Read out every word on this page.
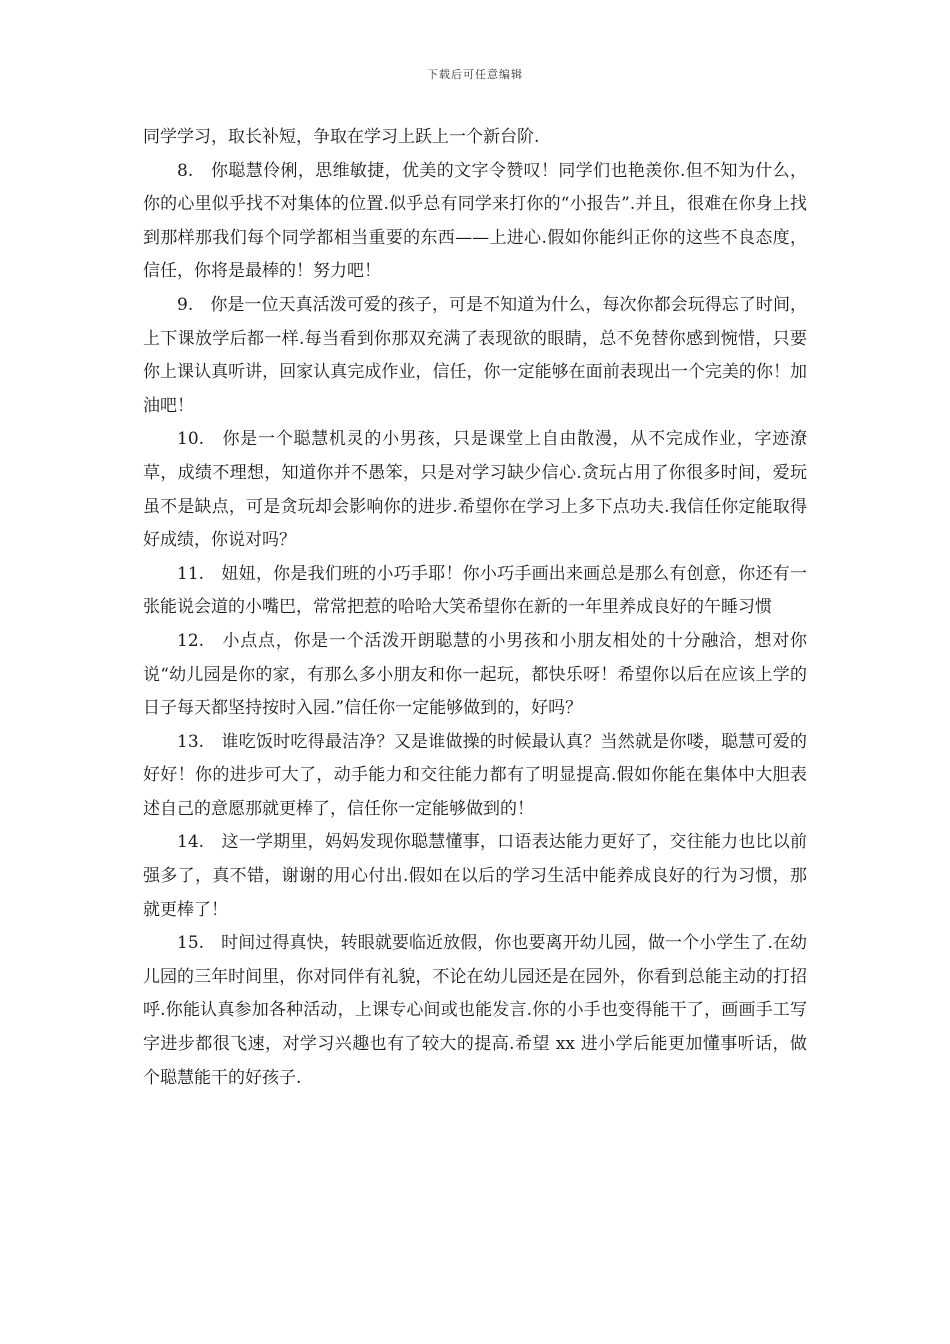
下载后可任意编辑

同学学习，取长补短，争取在学习上跃上一个新台阶.

8.　你聪慧伶俐，思维敏捷，优美的文字令赞叹！同学们也艳羡你.但不知为什么，你的心里似乎找不对集体的位置.似乎总有同学来打你的“小报告”.并且，很难在你身上找到那样那我们每个同学都相当重要的东西——上进心.假如你能纠正你的这些不良态度，信任，你将是最棒的！努力吧！

9.　你是一位天真活泼可爱的孩子，可是不知道为什么，每次你都会玩得忘了时间，上下课放学后都一样.每当看到你那双充满了表现欲的眼睛，总不免替你感到惋惜，只要你上课认真听讲，回家认真完成作业，信任，你一定能够在面前表现出一个完美的你！加油吧！

10.　你是一个聪慧机灵的小男孩，只是课堂上自由散漫，从不完成作业，字迹潦草，成绩不理想，知道你并不愚笨，只是对学习缺少信心.贪玩占用了你很多时间，爱玩虽不是缺点，可是贪玩却会影响你的进步.希望你在学习上多下点功夫.我信任你定能取得好成绩，你说对吗？

11.　妞妞，你是我们班的小巧手耶！你小巧手画出来画总是那么有创意，你还有一张能说会道的小嘴巴，常常把惹的哈哈大笑希望你在新的一年里养成良好的午睡习惯

12.　小点点，你是一个活泼开朗聪慧的小男孩和小朋友相处的十分融洽，想对你说“幼儿园是你的家，有那么多小朋友和你一起玩，都快乐呀！希望你以后在应该上学的日子每天都坚持按时入园.”信任你一定能够做到的，好吗？

13.　谁吃饭时吃得最洁净？又是谁做操的时候最认真？当然就是你喽，聪慧可爱的好好！你的进步可大了，动手能力和交往能力都有了明显提高.假如你能在集体中大胆表述自己的意愿那就更棒了，信任你一定能够做到的！

14.　这一学期里，妈妈发现你聪慧懂事，口语表达能力更好了，交往能力也比以前强多了，真不错，谢谢的用心付出.假如在以后的学习生活中能养成良好的行为习惯，那就更棒了！

15.　时间过得真快，转眼就要临近放假，你也要离开幼儿园，做一个小学生了.在幼儿园的三年时间里，你对同伴有礼貌，不论在幼儿园还是在园外，你看到总能主动的打招呼.你能认真参加各种活动，上课专心间或也能发言.你的小手也变得能干了，画画手工写字进步都很飞速，对学习兴趣也有了较大的提高.希望 xx 进小学后能更加懂事听话，做个聪慧能干的好孩子.
